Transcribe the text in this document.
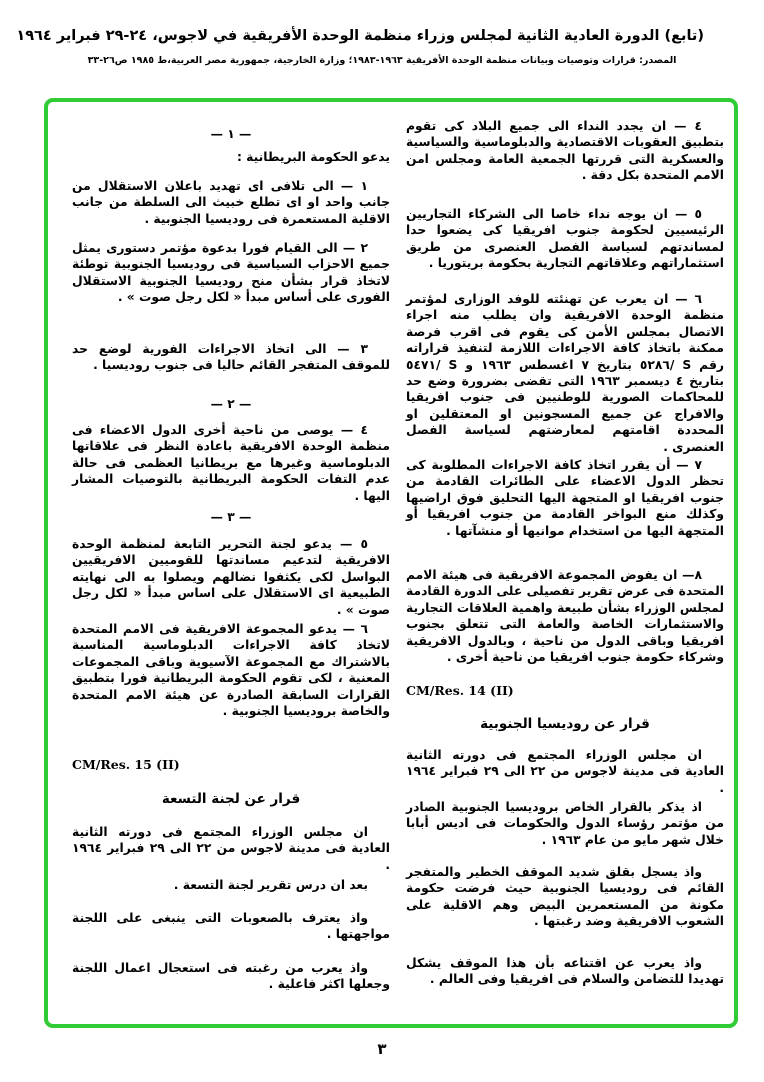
(تابع) الدورة العادية الثانية لمجلس وزراء منظمة الوحدة الأفريقية في لاجوس، ٢٤-٢٩ فبراير ١٩٦٤
المصدر: قرارات وتوصيات وبيانات منظمة الوحدة الأفريقية ١٩٦٣-١٩٨٣؛ وزارة الخارجية، جمهورية مصر العربية،ط ١٩٨٥ ص٢٦-٣٣
٤ — ان يجدد النداء الى جميع البلاد كى تقوم بتطبيق العقوبات الاقتصادية والدبلوماسية والسياسية والعسكرية التى قررتها الجمعية العامة ومجلس امن الامم المتحدة بكل دقة .
٥ — ان يوجه نداء خاصا الى الشركاء التجاريين الرئيسيين لحكومة جنوب افريقيا كى يضعوا حدا لمساندتهم لسياسة الفصل العنصرى من طريق استثماراتهم وعلاقاتهم التجارية بحكومة بريتوريا .
٦ — ان يعرب عن تهنئته للوفد الوزارى لمؤتمر منظمة الوحدة الافريقية وان يطلب منه اجراء الاتصال بمجلس الأمن كى يقوم فى اقرب فرصة ممكنة باتخاذ كافة الاجراءات اللازمة لتنفيذ قراراته رقم S /٥٢٨٦ بتاريخ ٧ اغسطس ١٩٦٣ و S /٥٤٧١ بتاريخ ٤ ديسمبر ١٩٦٣ التى تقضى بضرورة وضع حد للمحاكمات الصورية للوطنيين فى جنوب افريقيا والافراج عن جميع المسجونين او المعتقلين او المحددة اقامتهم لمعارضتهم لسياسة الفصل العنصرى .
٧ — أن يقرر اتخاذ كافة الاجراءات المطلوبة كى تحظر الدول الاعضاء على الطائرات القادمة من جنوب افريقيا او المتجهة اليها التحليق فوق اراضيها وكذلك منع البواخر القادمة من جنوب افريقيا أو المتجهة اليها من استخدام موانيها أو منشآتها .
٨— ان يفوض المجموعة الافريقية فى هيئة الامم المتحدة فى عرض تقرير تفصيلى على الدورة القادمة لمجلس الوزراء بشأن طبيعة واهمية العلاقات التجارية والاستثمارات الخاصة والعامة التى تتعلق بجنوب افريقيا وباقى الدول من ناحية ، وبالدول الافريقية وشركاء حكومة جنوب افريقيا من ناحية أخرى .
CM/Res. 14 (II)
قرار عن روديسيا الجنوبية
ان مجلس الوزراء المجتمع فى دورته الثانية العادية فى مدينة لاجوس من ٢٢ الى ٢٩ فبراير ١٩٦٤ .
اذ يذكر بالقرار الخاص بروديسيا الجنوبية الصادر من مؤتمر رؤساء الدول والحكومات فى اديس أبابا خلال شهر مايو من عام ١٩٦٣ .
واذ يسجل بقلق شديد الموقف الخطير والمتفجر القائم فى روديسيا الجنوبية حيث فرضت حكومة مكونة من المستعمرين البيض وهم الاقلية على الشعوب الافريقية وضد رغبتها .
واذ يعرب عن اقتناعه بأن هذا الموقف يشكل تهديدا للتضامن والسلام فى افريقيا وفى العالم .
— ١ —
يدعو الحكومة البريطانية :
١ — الى تلافى اى تهديد باعلان الاستقلال من جانب واحد او اى تطلع خبيث الى السلطة من جانب الاقلية المستعمرة فى روديسيا الجنوبية .
٢ — الى القيام فورا بدعوة مؤتمر دستورى يمثل جميع الاحزاب السياسية فى روديسيا الجنوبية توطئة لاتخاذ قرار بشأن منح روديسيا الجنوبية الاستقلال الفورى على أساس مبدأ « لكل رجل صوت » .
٣ — الى اتخاذ الاجراءات الفورية لوضع حد للموقف المتفجر القائم حاليا فى جنوب روديسيا .
— ٢ —
٤ — يوصى من ناحية أخرى الدول الاعضاء فى منظمة الوحدة الافريقية باعادة النظر فى علاقاتها الدبلوماسية وغيرها مع بريطانيا العظمى فى حالة عدم التفات الحكومة البريطانية بالتوصيات المشار اليها .
— ٣ —
٥ — يدعو لجنة التحرير التابعة لمنظمة الوحدة الافريقية لتدعيم مساندتها للقوميين الافريقيين البواسل لكى يكثفوا نضالهم ويصلوا به الى نهايته الطبيعية اى الاستقلال على اساس مبدأ « لكل رجل صوت » .
٦ — يدعو المجموعة الافريقية فى الامم المتحدة لاتخاذ كافة الاجراءات الدبلوماسية المناسبة بالاشتراك مع المجموعة الآسيوية وباقى المجموعات المعنية ، لكى تقوم الحكومة البريطانية فورا بتطبيق القرارات السابقة الصادرة عن هيئة الامم المتحدة والخاصة بروديسيا الجنوبية .
CM/Res. 15 (II)
قرار عن لجنة التسعة
ان مجلس الوزراء المجتمع فى دورته الثانية العادية فى مدينة لاجوس من ٢٢ الى ٢٩ فبراير ١٩٦٤ .
بعد ان درس تقرير لجنة التسعة .
واذ يعترف بالصعوبات التى ينبغى على اللجنة مواجهتها .
واذ يعرب من رغبته فى استعجال اعمال اللجنة وجعلها اكثر فاعلية .
٣
